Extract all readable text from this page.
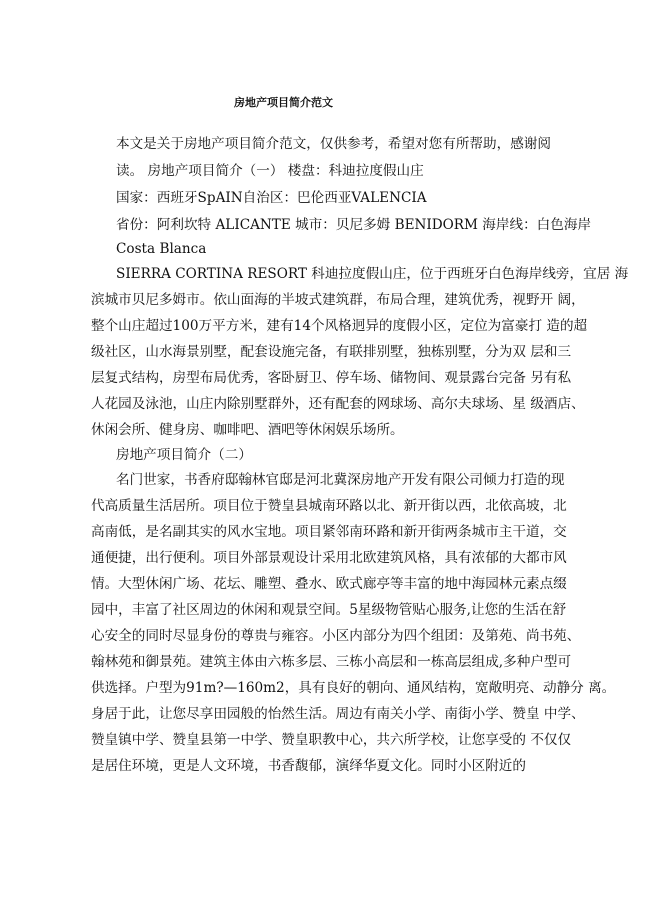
房地产项目简介范文
本文是关于房地产项目简介范文，仅供参考，希望对您有所帮助，感谢阅
读。 房地产项目简介（一） 楼盘：科迪拉度假山庄
国家：西班牙SpAIN自治区：巴伦西亚VALENCIA
省份：阿利坎特 ALICANTE 城市：贝尼多姆 BENIDORM 海岸线：白色海岸
Costa Blanca
SIERRA CORTINA RESORT 科迪拉度假山庄，位于西班牙白色海岸线旁，宜居 海
滨城市贝尼多姆市。依山面海的半坡式建筑群，布局合理，建筑优秀，视野开 阔，
整个山庄超过100万平方米，建有14个风格迥异的度假小区，定位为富豪打 造的超
级社区，山水海景别墅，配套设施完备，有联排别墅，独栋别墅，分为双 层和三
层复式结构，房型布局优秀，客卧厨卫、停车场、储物间、观景露台完备 另有私
人花园及泳池，山庄内除别墅群外，还有配套的网球场、高尔夫球场、星 级酒店、
休闲会所、健身房、咖啡吧、酒吧等休闲娱乐场所。
房地产项目简介（二）
名门世家，书香府邸翰林官邸是河北冀深房地产开发有限公司倾力打造的现
代高质量生活居所。项目位于赞皇县城南环路以北、新开街以西，北依高坡，北
高南低，是名副其实的风水宝地。项目紧邻南环路和新开街两条城市主干道，交
通便捷，出行便利。项目外部景观设计采用北欧建筑风格，具有浓郁的大都市风
情。大型休闲广场、花坛、雕塑、叠水、欧式廊亭等丰富的地中海园林元素点缀
园中，丰富了社区周边的休闲和观景空间。5星级物管贴心服务,让您的生活在舒
心安全的同时尽显身份的尊贵与雍容。小区内部分为四个组团：及第苑、尚书苑、
翰林苑和御景苑。建筑主体由六栋多层、三栋小高层和一栋高层组成,多种户型可
供选择。户型为91m?—160m2，具有良好的朝向、通风结构，宽敞明亮、动静分 离。
身居于此，让您尽享田园般的怡然生活。周边有南关小学、南街小学、赞皇 中学、
赞皇镇中学、赞皇县第一中学、赞皇职教中心，共六所学校，让您享受的 不仅仅
是居住环境，更是人文环境，书香馥郁，演绎华夏文化。同时小区附近的
